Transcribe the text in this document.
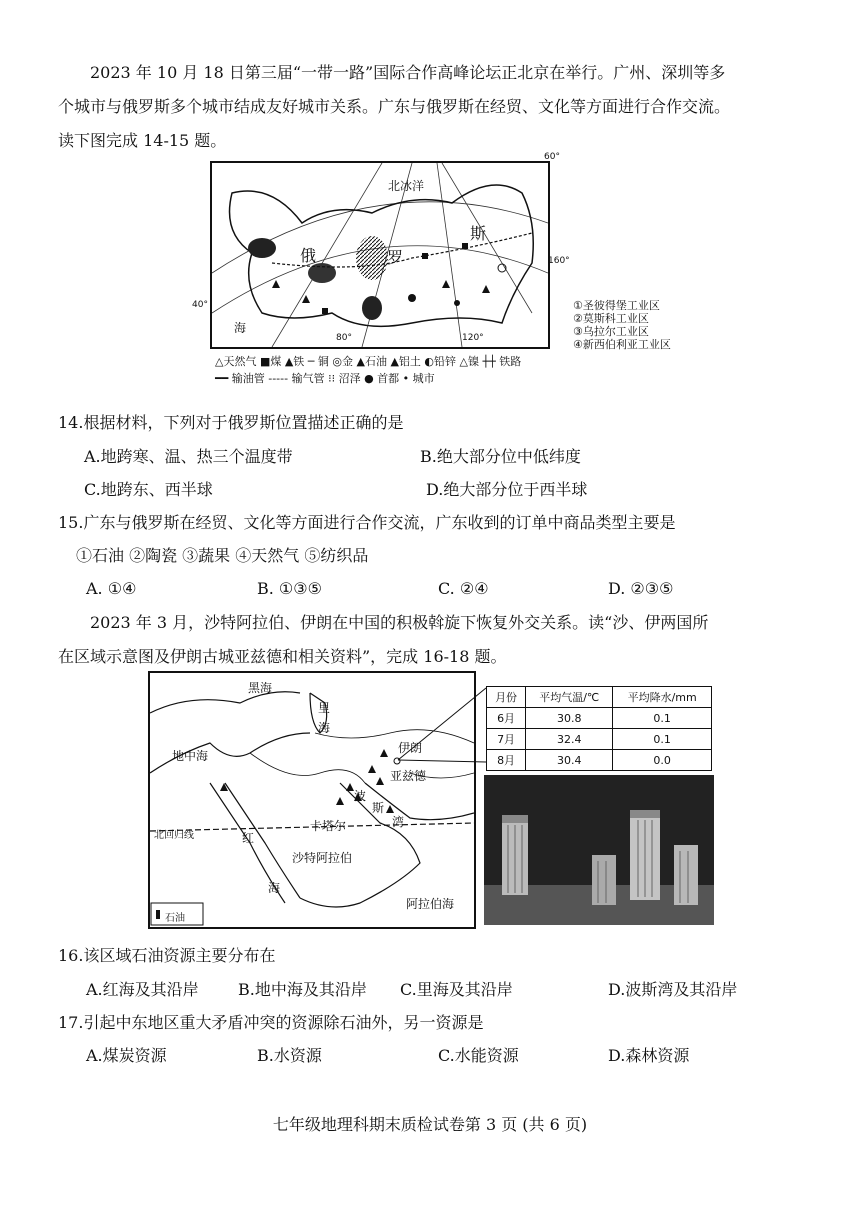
2023 年 10 月 18 日第三届“一带一路”国际合作高峰论坛正北京在举行。广州、深圳等多
个城市与俄罗斯多个城市结成友好城市关系。广东与俄罗斯在经贸、文化等方面进行合作交流。
读下图完成 14-15 题。
北冰洋
俄	罗
斯
80°	120°
海
40°
60°
160°
①圣彼得堡工业区
②莫斯科工业区
③乌拉尔工业区
④新西伯利亚工业区
△天然气 ■煤 ▲铁 ─ 铜 ◎金 ▲石油 ▲铝土 ◐铅锌 △镍 ┼┼ 铁路
━━ 输油管 ----- 输气管 ⁝⁝ 沼泽 ● 首都 • 城市
14.根据材料，下列对于俄罗斯位置描述正确的是
A.地跨寒、温、热三个温度带	B.绝大部分位中低纬度
C.地跨东、西半球	D.绝大部分位于西半球
15.广东与俄罗斯在经贸、文化等方面进行合作交流，广东收到的订单中商品类型主要是
①石油 ②陶瓷 ③蔬果 ④天然气 ⑤纺织品
A. ①④	B. ①③⑤	C. ②④	D. ②③⑤
2023 年 3 月，沙特阿拉伯、伊朗在中国的积极斡旋下恢复外交关系。读“沙、伊两国所
在区域示意图及伊朗古城亚兹德和相关资料”，完成 16-18 题。
黑海
里
海
地中海
伊朗
亚兹德
波
斯
湾
卡塔尔
北回归线	红
海
沙特阿拉伯
阿拉伯海
石油
月份	平均气温/℃	平均降水/mm
6月	30.8	0.1
7月	32.4	0.1
8月	30.4	0.0
16.该区域石油资源主要分布在
A.红海及其沿岸 B.地中海及其沿岸 C.里海及其沿岸	D.波斯湾及其沿岸
17.引起中东地区重大矛盾冲突的资源除石油外，另一资源是
A.煤炭资源	B.水资源	C.水能资源	D.森林资源
七年级地理科期末质检试卷第 3 页 (共 6 页)
